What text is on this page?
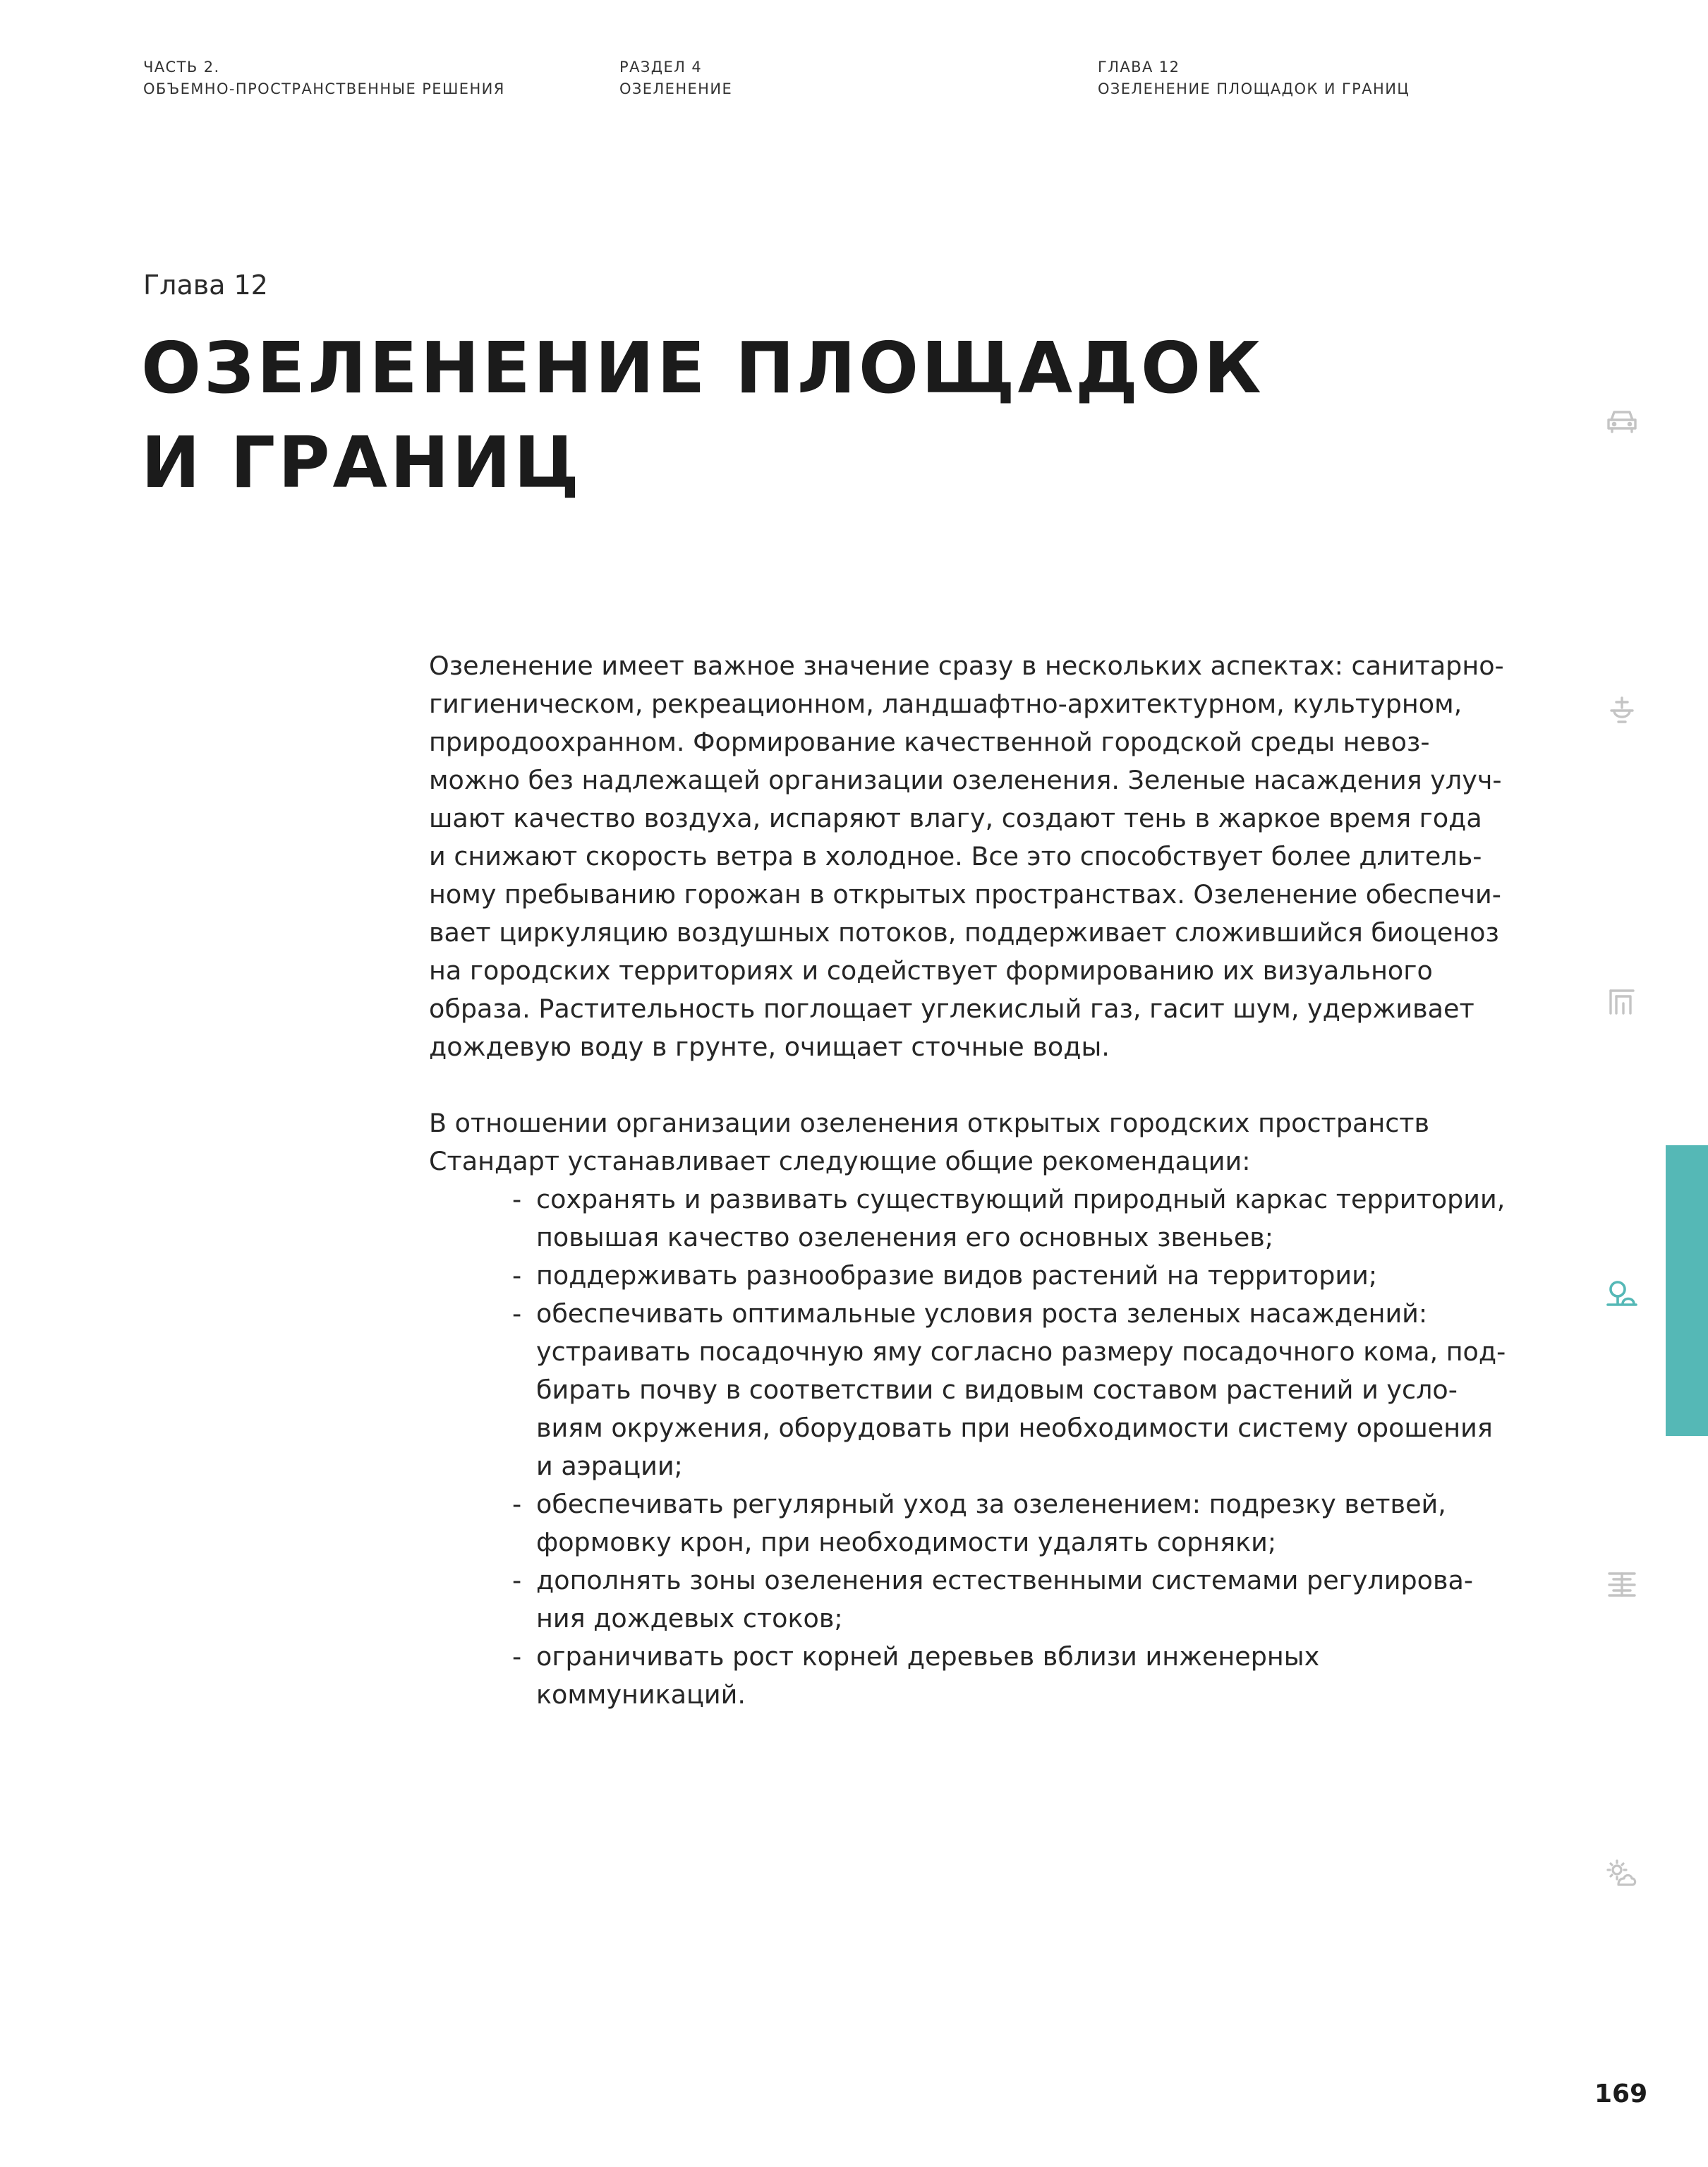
ЧАСТЬ 2.
ОБЪЕМНО-ПРОСТРАНСТВЕННЫЕ РЕШЕНИЯ
РАЗДЕЛ 4
ОЗЕЛЕНЕНИЕ
ГЛАВА 12
ОЗЕЛЕНЕНИЕ ПЛОЩАДОК И ГРАНИЦ
Глава 12
ОЗЕЛЕНЕНИЕ ПЛОЩАДОК
И ГРАНИЦ
Озеленение имеет важное значение сразу в нескольких аспектах: санитарно-
гигиеническом, рекреационном, ландшафтно-архитектурном, культурном,
природоохранном. Формирование качественной городской среды невоз-
можно без надлежащей организации озеленения. Зеленые насаждения улуч-
шают качество воздуха, испаряют влагу, создают тень в жаркое время года
и снижают скорость ветра в холодное. Все это способствует более длитель-
ному пребыванию горожан в открытых пространствах. Озеленение обеспечи-
вает циркуляцию воздушных потоков, поддерживает сложившийся биоценоз
на городских территориях и содействует формированию их визуального
образа. Растительность поглощает углекислый газ, гасит шум, удерживает
дождевую воду в грунте, очищает сточные воды.
В отношении организации озеленения открытых городских пространств
Стандарт устанавливает следующие общие рекомендации:
- сохранять и развивать существующий природный каркас территории,
повышая качество озеленения его основных звеньев;
- поддерживать разнообразие видов растений на территории;
- обеспечивать оптимальные условия роста зеленых насаждений:
устраивать посадочную яму согласно размеру посадочного кома, под-
бирать почву в соответствии с видовым составом растений и усло-
виям окружения, оборудовать при необходимости систему орошения
и аэрации;
- обеспечивать регулярный уход за озеленением: подрезку ветвей,
формовку крон, при необходимости удалять сорняки;
- дополнять зоны озеленения естественными системами регулирова-
ния дождевых стоков;
- ограничивать рост корней деревьев вблизи инженерных
коммуникаций.
169
